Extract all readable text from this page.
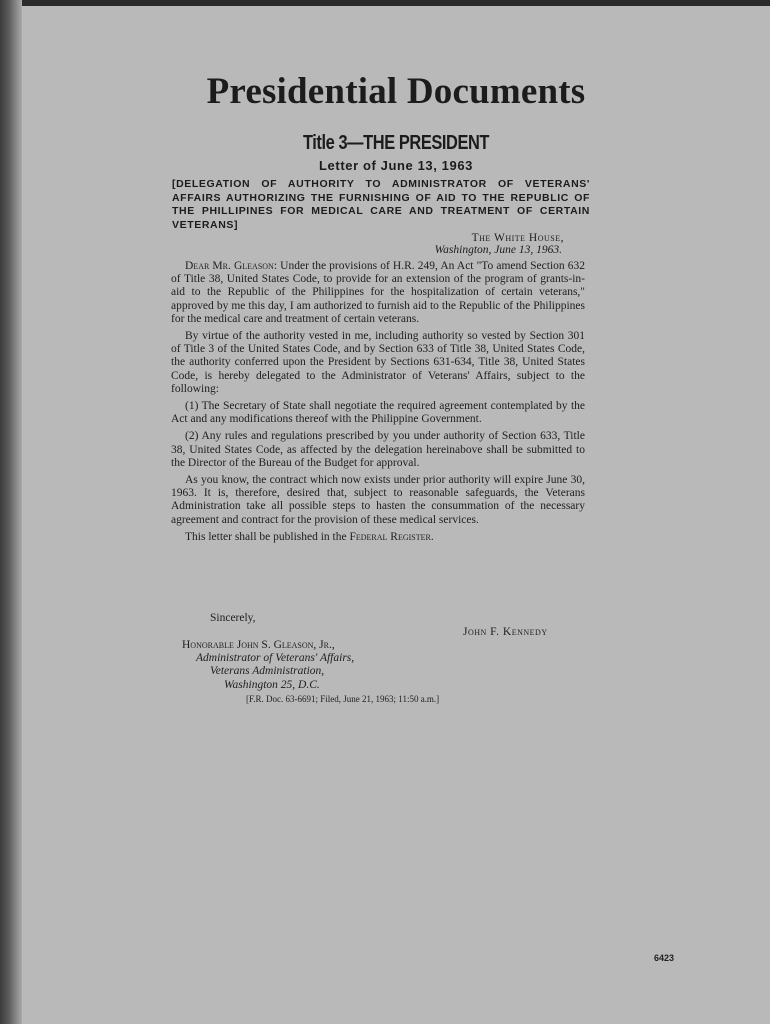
Presidential Documents
Title 3—THE PRESIDENT
Letter of June 13, 1963
[DELEGATION OF AUTHORITY TO ADMINISTRATOR OF VETERANS' AFFAIRS AUTHORIZING THE FURNISHING OF AID TO THE REPUBLIC OF THE PHILLIPINES FOR MEDICAL CARE AND TREATMENT OF CERTAIN VETERANS]
The White House,
Washington, June 13, 1963.

Dear Mr. Gleason: Under the provisions of H.R. 249, An Act "To amend Section 632 of Title 38, United States Code, to provide for an extension of the program of grants-in-aid to the Republic of the Philippines for the hospitalization of certain veterans," approved by me this day, I am authorized to furnish aid to the Republic of the Philippines for the medical care and treatment of certain veterans.

By virtue of the authority vested in me, including authority so vested by Section 301 of Title 3 of the United States Code, and by Section 633 of Title 38, United States Code, the authority conferred upon the President by Sections 631-634, Title 38, United States Code, is hereby delegated to the Administrator of Veterans' Affairs, subject to the following:

(1) The Secretary of State shall negotiate the required agreement contemplated by the Act and any modifications thereof with the Philippine Government.

(2) Any rules and regulations prescribed by you under authority of Section 633, Title 38, United States Code, as affected by the delegation hereinabove shall be submitted to the Director of the Bureau of the Budget for approval.

As you know, the contract which now exists under prior authority will expire June 30, 1963. It is, therefore, desired that, subject to reasonable safeguards, the Veterans Administration take all possible steps to hasten the consummation of the necessary agreement and contract for the provision of these medical services.

This letter shall be published in the Federal Register.

Sincerely,
John F. Kennedy
Honorable John S. Gleason, Jr.,
Administrator of Veterans' Affairs,
Veterans Administration,
Washington 25, D.C.
[F.R. Doc. 63-6691; Filed, June 21, 1963; 11:50 a.m.]
6423
